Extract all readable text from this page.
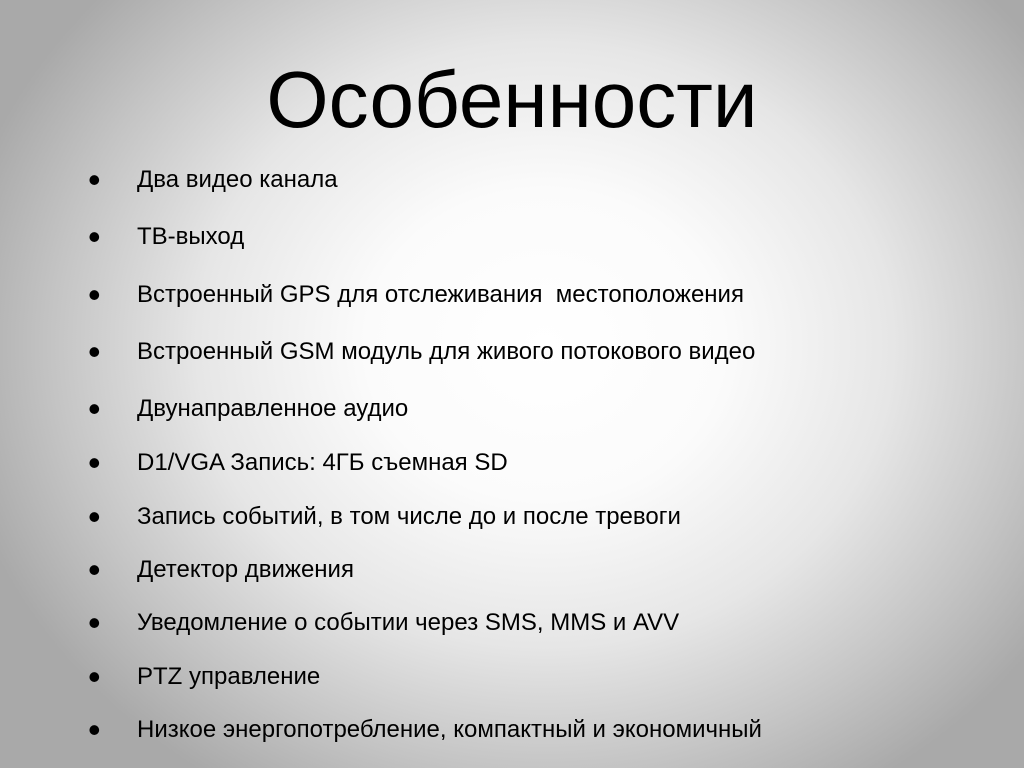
Особенности
• Два видео канала
• ТВ-выход
• Встроенный GPS для отслеживания  местоположения
• Встроенный GSM модуль для живого потокового видео
• Двунаправленное аудио
• D1/VGA Запись: 4ГБ съемная SD
• Запись событий, в том числе до и после тревоги
• Детектор движения
• Уведомление о событии через SMS, MMS и AVV
• PTZ управление
• Низкое энергопотребление, компактный и экономичный
